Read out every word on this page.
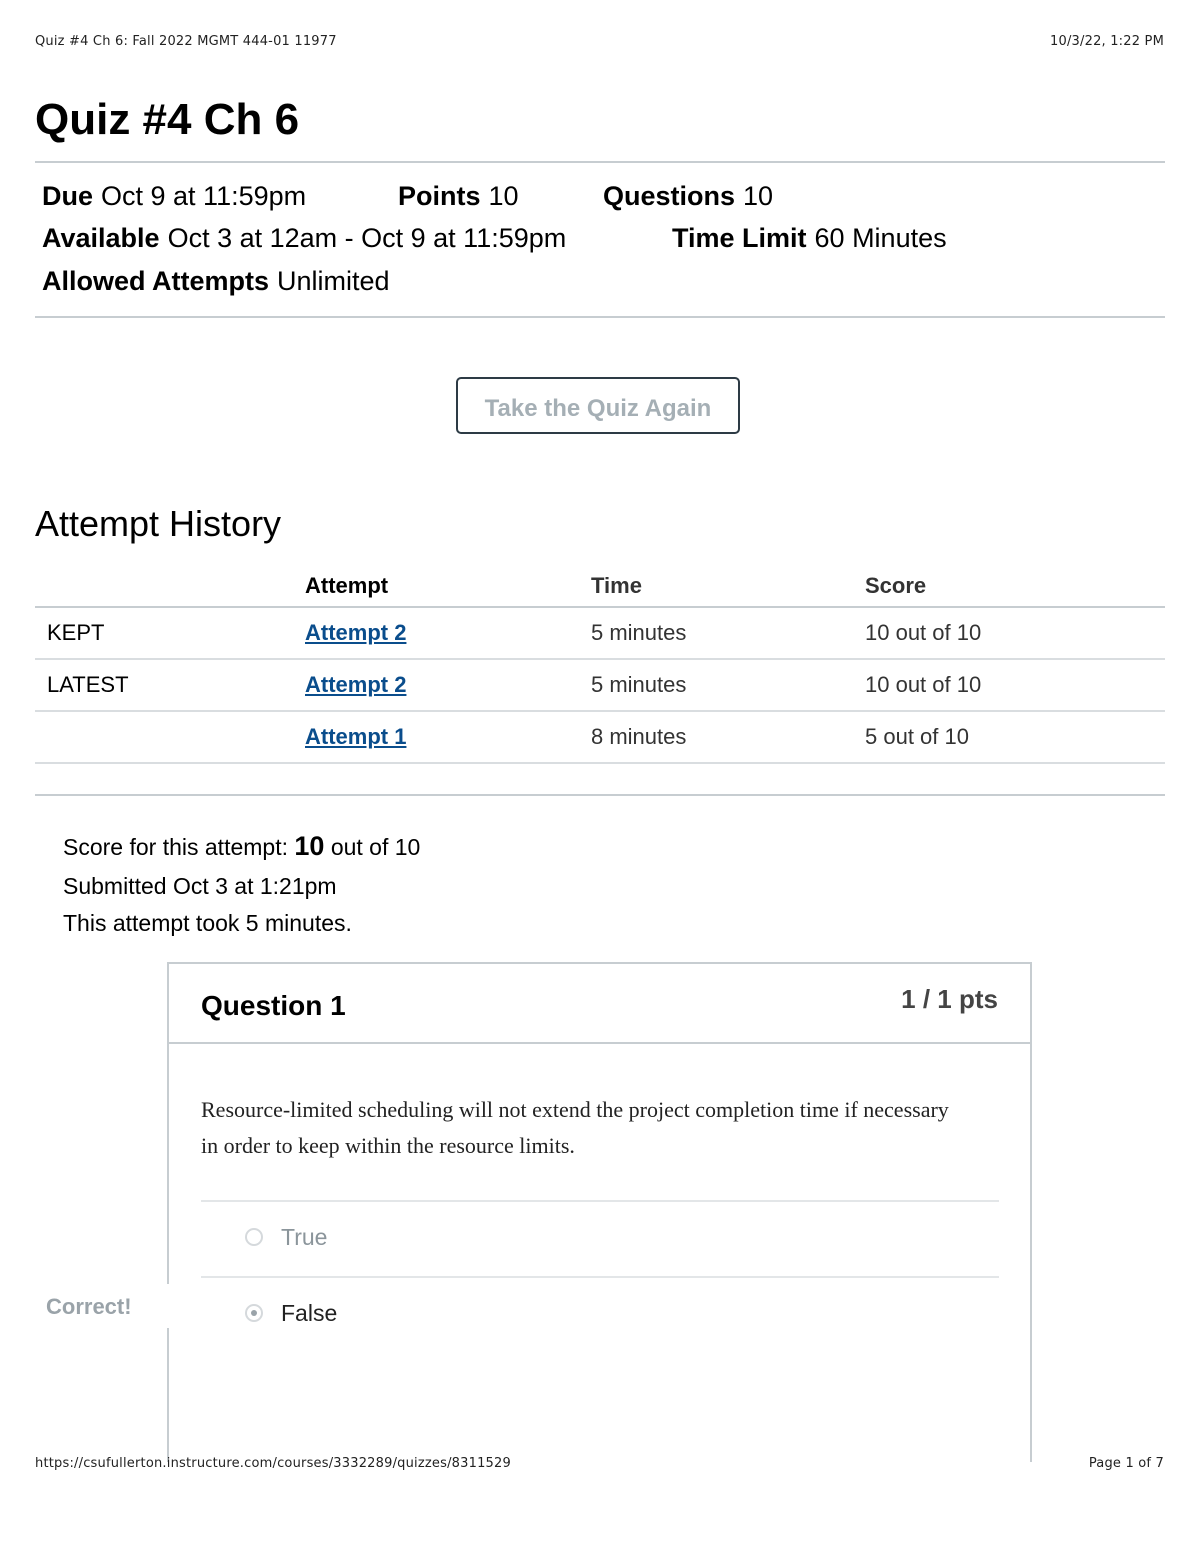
Quiz #4 Ch 6: Fall 2022 MGMT 444-01 11977	10/3/22, 1:22 PM
Quiz #4 Ch 6
Due Oct 9 at 11:59pm	Points 10	Questions 10
Available Oct 3 at 12am - Oct 9 at 11:59pm	Time Limit 60 Minutes
Allowed Attempts Unlimited
Take the Quiz Again
Attempt History
	Attempt	Time	Score
KEPT	Attempt 2	5 minutes	10 out of 10
LATEST	Attempt 2	5 minutes	10 out of 10
	Attempt 1	8 minutes	5 out of 10
Score for this attempt: 10 out of 10
Submitted Oct 3 at 1:21pm
This attempt took 5 minutes.
Question 1	1 / 1 pts
Resource-limited scheduling will not extend the project completion time if necessary in order to keep within the resource limits.
True
False
Correct!
https://csufullerton.instructure.com/courses/3332289/quizzes/8311529	Page 1 of 7
